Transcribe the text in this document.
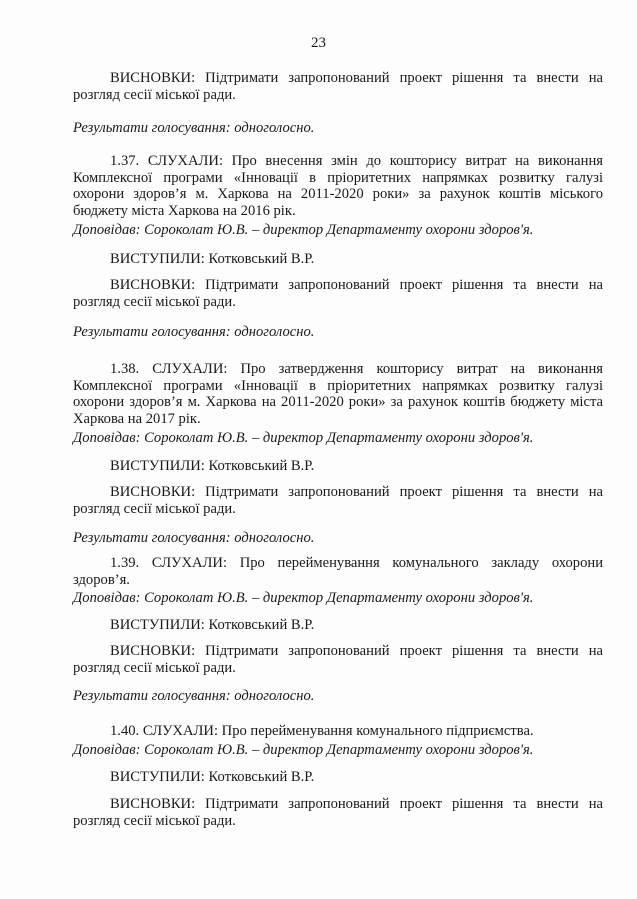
23

ВИСНОВКИ: Підтримати запропонований проект рішення та внести на розгляд сесії міської ради.

Результати голосування: одноголосно.

1.37. СЛУХАЛИ: Про внесення змін до кошторису витрат на виконання Комплексної програми «Інновації в пріоритетних напрямках розвитку галузі охорони здоров’я м. Харкова на 2011-2020 роки» за рахунок коштів міського бюджету міста Харкова на 2016 рік.

Доповідав: Сороколат Ю.В. – директор Департаменту охорони здоров'я.

ВИСТУПИЛИ: Котковський В.Р.

ВИСНОВКИ: Підтримати запропонований проект рішення та внести на розгляд сесії міської ради.

Результати голосування: одноголосно.

1.38. СЛУХАЛИ: Про затвердження кошторису витрат на виконання Комплексної програми «Інновації в пріоритетних напрямках розвитку галузі охорони здоров’я м. Харкова на 2011-2020 роки» за рахунок коштів бюджету міста Харкова на 2017 рік.

Доповідав: Сороколат Ю.В. – директор Департаменту охорони здоров'я.

ВИСТУПИЛИ: Котковський В.Р.

ВИСНОВКИ: Підтримати запропонований проект рішення та внести на розгляд сесії міської ради.

Результати голосування: одноголосно.

1.39. СЛУХАЛИ: Про перейменування комунального закладу охорони здоров’я.

Доповідав: Сороколат Ю.В. – директор Департаменту охорони здоров'я.

ВИСТУПИЛИ: Котковський В.Р.

ВИСНОВКИ: Підтримати запропонований проект рішення та внести на розгляд сесії міської ради.

Результати голосування: одноголосно.

1.40. СЛУХАЛИ: Про перейменування комунального підприємства.

Доповідав: Сороколат Ю.В. – директор Департаменту охорони здоров'я.

ВИСТУПИЛИ: Котковський В.Р.

ВИСНОВКИ: Підтримати запропонований проект рішення та внести на розгляд сесії міської ради.
